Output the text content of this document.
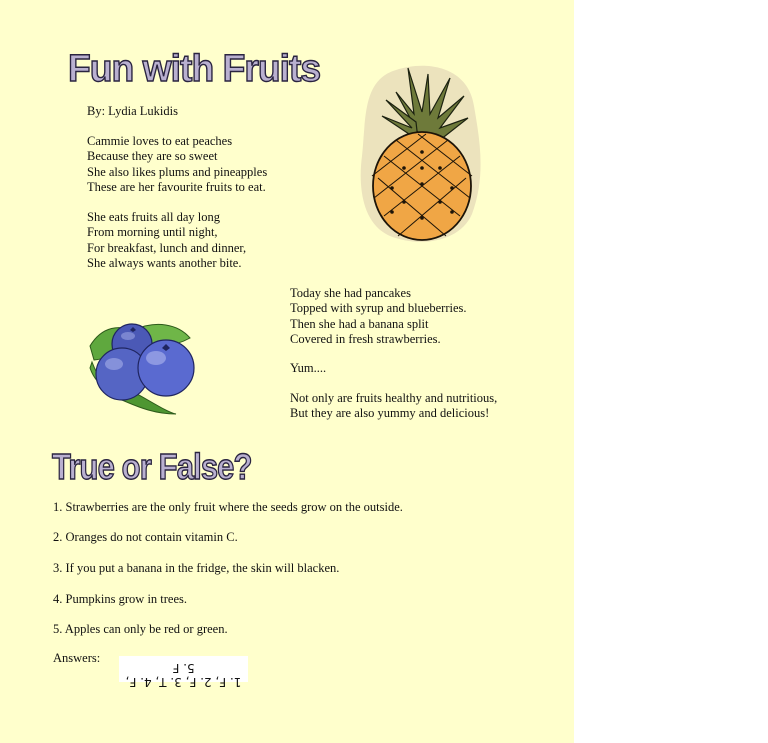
Fun with Fruits
By: Lydia Lukidis
Cammie loves to eat peaches
Because they are so sweet
She also likes plums and pineapples
These are her favourite fruits to eat.
She eats fruits all day long
From morning until night,
For breakfast, lunch and dinner,
She always wants another bite.
Today she had pancakes
Topped with syrup and blueberries.
Then she had a banana split
Covered in fresh strawberries.
Yum....
Not only are fruits healthy and nutritious,
But they are also yummy and delicious!
True or False?
1. Strawberries are the only fruit where the seeds grow on the outside.
2. Oranges do not contain vitamin C.
3. If you put a banana in the fridge, the skin will blacken.
4. Pumpkins grow in trees.
5. Apples can only be red or green.
Answers:
1. F, 2. F, 3. T, 4. F, 5. F
